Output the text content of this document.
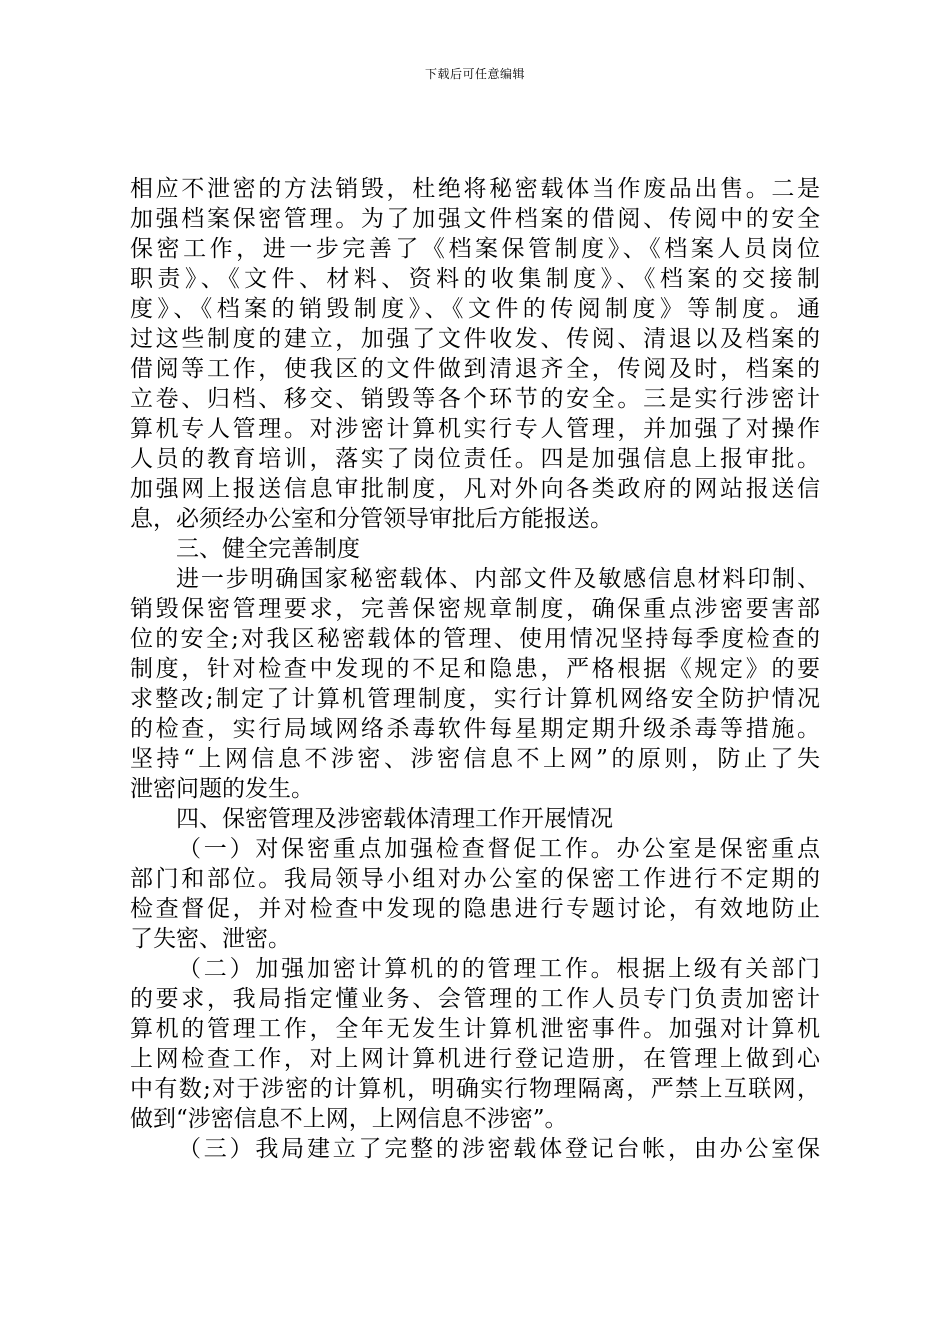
下载后可任意编辑
相应不泄密的方法销毁，杜绝将秘密载体当作废品出售。二是
加强档案保密管理。为了加强文件档案的借阅、传阅中的安全
保密工作，进一步完善了《档案保管制度》、《档案人员岗位
职责》、《文件、材料、资料的收集制度》、《档案的交接制
度》、《档案的销毁制度》、《文件的传阅制度》等制度。通
过这些制度的建立，加强了文件收发、传阅、清退以及档案的
借阅等工作，使我区的文件做到清退齐全，传阅及时，档案的
立卷、归档、移交、销毁等各个环节的安全。三是实行涉密计
算机专人管理。对涉密计算机实行专人管理，并加强了对操作
人员的教育培训，落实了岗位责任。四是加强信息上报审批。
加强网上报送信息审批制度，凡对外向各类政府的网站报送信
息，必须经办公室和分管领导审批后方能报送。
三、健全完善制度
进一步明确国家秘密载体、内部文件及敏感信息材料印制、
销毁保密管理要求，完善保密规章制度，确保重点涉密要害部
位的安全;对我区秘密载体的管理、使用情况坚持每季度检查的
制度，针对检查中发现的不足和隐患，严格根据《规定》的要
求整改;制定了计算机管理制度，实行计算机网络安全防护情况
的检查，实行局域网络杀毒软件每星期定期升级杀毒等措施。
坚持“上网信息不涉密、涉密信息不上网”的原则，防止了失
泄密问题的发生。
四、保密管理及涉密载体清理工作开展情况
（一）对保密重点加强检查督促工作。办公室是保密重点
部门和部位。我局领导小组对办公室的保密工作进行不定期的
检查督促，并对检查中发现的隐患进行专题讨论，有效地防止
了失密、泄密。
（二）加强加密计算机的的管理工作。根据上级有关部门
的要求，我局指定懂业务、会管理的工作人员专门负责加密计
算机的管理工作，全年无发生计算机泄密事件。加强对计算机
上网检查工作，对上网计算机进行登记造册，在管理上做到心
中有数;对于涉密的计算机，明确实行物理隔离，严禁上互联网，
做到“涉密信息不上网，上网信息不涉密”。
（三）我局建立了完整的涉密载体登记台帐，由办公室保
